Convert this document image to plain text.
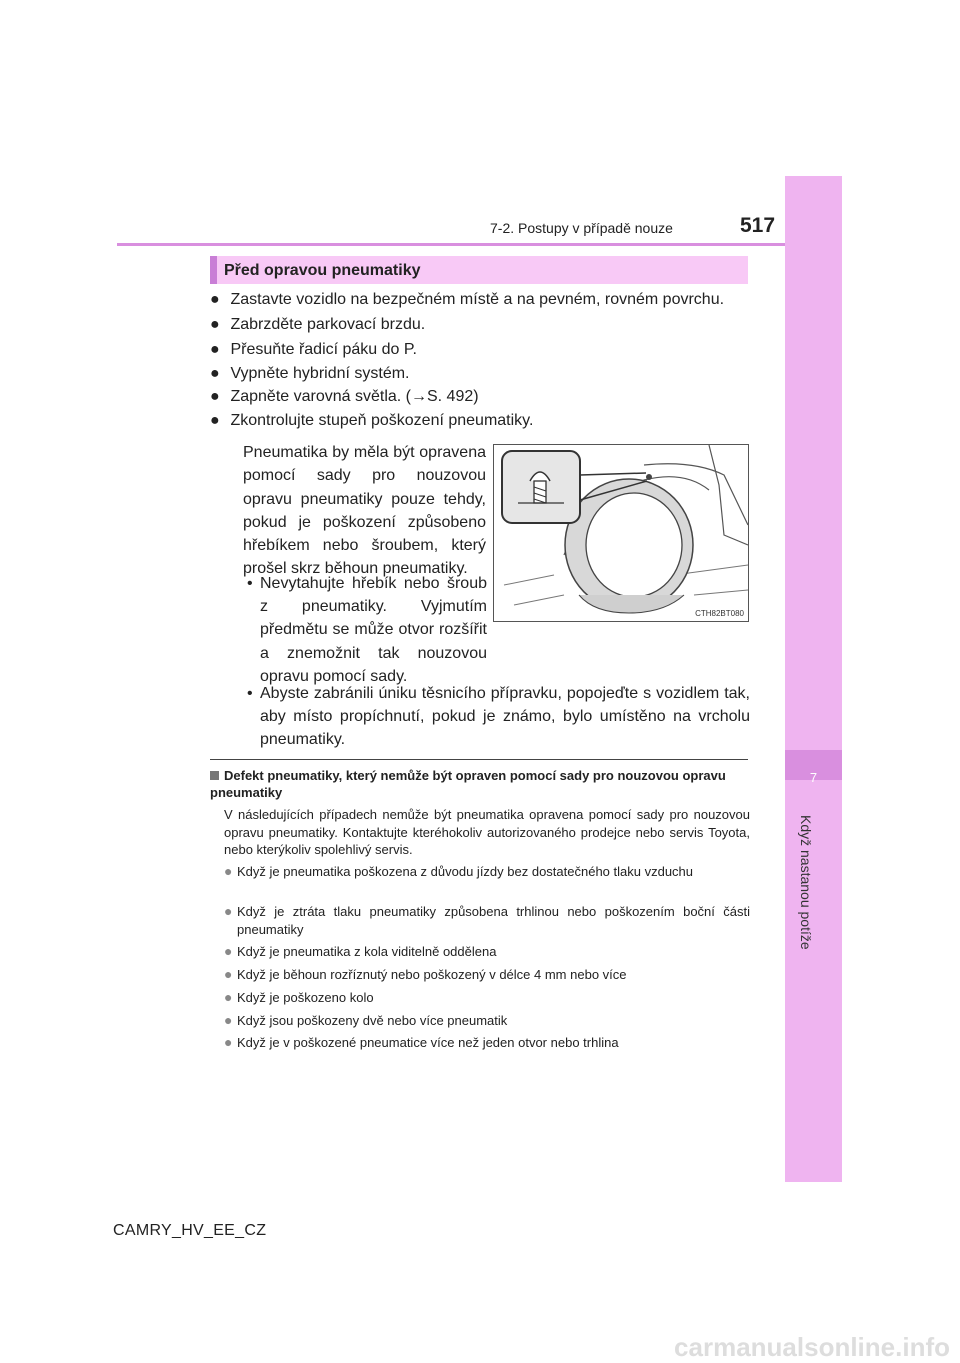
7
Když nastanou potíže
7-2. Postupy v případě nouze	517
Před opravou pneumatiky
● Zastavte vozidlo na bezpečném místě a na pevném, rovném povrchu.
● Zabrzděte parkovací brzdu.
● Přesuňte řadicí páku do P.
● Vypněte hybridní systém.
● Zapněte varovná světla. (→S. 492)
● Zkontrolujte stupeň poškození pneumatiky.
Pneumatika by měla být opravena pomocí sady pro nouzovou opravu pneumatiky pouze tehdy, pokud je poškození způsobeno hřebíkem nebo šroubem, který prošel skrz běhoun pneumatiky.
• Nevytahujte hřebík nebo šroub z pneumatiky. Vyjmutím předmětu se může otvor rozšířit a znemožnit tak nouzovou opravu pomocí sady.
• Abyste zabránili úniku těsnicího přípravku, popojeďte s vozidlem tak, aby místo propíchnutí, pokud je známo, bylo umístěno na vrcholu pneumatiky.
CTH82BT080
Defekt pneumatiky, který nemůže být opraven pomocí sady pro nouzovou opravu pneumatiky
V následujících případech nemůže být pneumatika opravena pomocí sady pro nouzovou opravu pneumatiky. Kontaktujte kteréhokoliv autorizovaného prodejce nebo servis Toyota, nebo kterýkoliv spolehlivý servis.
● Když je pneumatika poškozena z důvodu jízdy bez dostatečného tlaku vzduchu
● Když je ztráta tlaku pneumatiky způsobena trhlinou nebo poškozením boční části pneumatiky
● Když je pneumatika z kola viditelně oddělena
● Když je běhoun rozříznutý nebo poškozený v délce 4 mm nebo více
● Když je poškozeno kolo
● Když jsou poškozeny dvě nebo více pneumatik
● Když je v poškozené pneumatice více než jeden otvor nebo trhlina
CAMRY_HV_EE_CZ
carmanualsonline.info
